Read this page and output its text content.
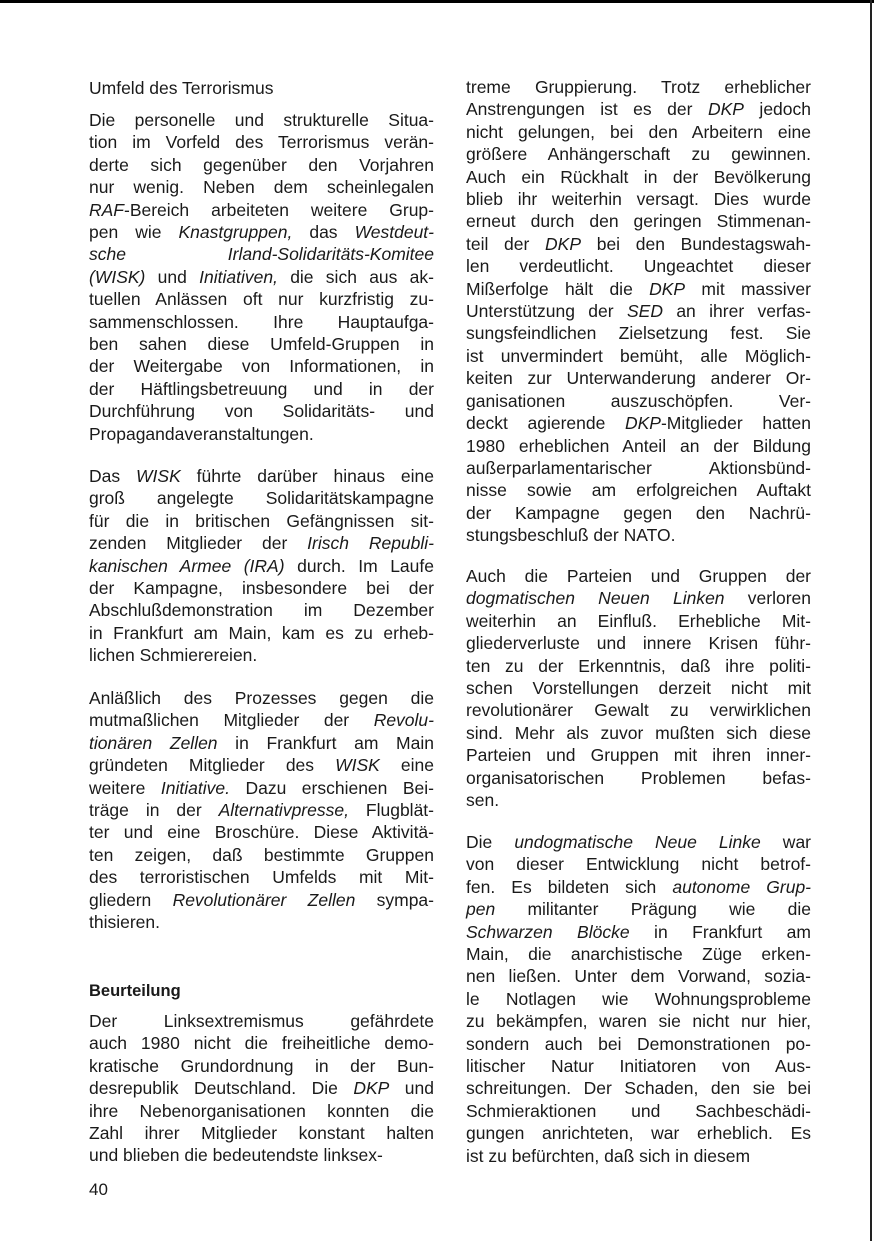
Umfeld des Terrorismus

Die personelle und strukturelle Situa-
tion im Vorfeld des Terrorismus verän-
derte sich gegenüber den Vorjahren
nur wenig. Neben dem scheinlegalen
RAF-Bereich arbeiteten weitere Grup-
pen wie Knastgruppen, das Westdeut-
sche Irland-Solidaritäts-Komitee
(WISK) und Initiativen, die sich aus ak-
tuellen Anlässen oft nur kurzfristig zu-
sammenschlossen. Ihre Hauptaufga-
ben sahen diese Umfeld-Gruppen in
der Weitergabe von Informationen, in
der Häftlingsbetreuung und in der
Durchführung von Solidaritäts- und
Propagandaveranstaltungen.

Das WISK führte darüber hinaus eine
groß angelegte Solidaritätskampagne
für die in britischen Gefängnissen sit-
zenden Mitglieder der Irisch Republi-
kanischen Armee (IRA) durch. Im Laufe
der Kampagne, insbesondere bei der
Abschlußdemonstration im Dezember
in Frankfurt am Main, kam es zu erheb-
lichen Schmierereien.

Anläßlich des Prozesses gegen die
mutmaßlichen Mitglieder der Revolu-
tionären Zellen in Frankfurt am Main
gründeten Mitglieder des WISK eine
weitere Initiative. Dazu erschienen Bei-
träge in der Alternativpresse, Flugblät-
ter und eine Broschüre. Diese Aktivitä-
ten zeigen, daß bestimmte Gruppen
des terroristischen Umfelds mit Mit-
gliedern Revolutionärer Zellen sympa-
thisieren.

Der Linksextremismus gefährdete
auch 1980 nicht die freiheitliche demo-
kratische Grundordnung in der Bun-
desrepublik Deutschland. Die DKP und
ihre Nebenorganisationen konnten die
Zahl ihrer Mitglieder konstant halten
und blieben die bedeutendste linksex-

Beurteilung

treme Gruppierung. Trotz erheblicher
Anstrengungen ist es der DKP jedoch
nicht gelungen, bei den Arbeitern eine
größere Anhängerschaft zu gewinnen.
Auch ein Rückhalt in der Bevölkerung
blieb ihr weiterhin versagt. Dies wurde
erneut durch den geringen Stimmenan-
teil der DKP bei den Bundestagswah-
len verdeutlicht. Ungeachtet dieser
Mißerfolge hält die DKP mit massiver
Unterstützung der SED an ihrer verfas-
sungsfeindlichen Zielsetzung fest. Sie
ist unvermindert bemüht, alle Möglich-
keiten zur Unterwanderung anderer Or-
ganisationen auszuschöpfen. Ver-
deckt agierende DKP-Mitglieder hatten
1980 erheblichen Anteil an der Bildung
außerparlamentarischer Aktionsbünd-
nisse sowie am erfolgreichen Auftakt
der Kampagne gegen den Nachrü-
stungsbeschluß der NATO.

Auch die Parteien und Gruppen der
dogmatischen Neuen Linken verloren
weiterhin an Einfluß. Erhebliche Mit-
gliederverluste und innere Krisen führ-
ten zu der Erkenntnis, daß ihre politi-
schen Vorstellungen derzeit nicht mit
revolutionärer Gewalt zu verwirklichen
sind. Mehr als zuvor mußten sich diese
Parteien und Gruppen mit ihren inner-
organisatorischen Problemen befas-
sen.

Die undogmatische Neue Linke war
von dieser Entwicklung nicht betrof-
fen. Es bildeten sich autonome Grup-
pen militanter Prägung wie die
Schwarzen Blöcke in Frankfurt am
Main, die anarchistische Züge erken-
nen ließen. Unter dem Vorwand, sozia-
le Notlagen wie Wohnungsprobleme
zu bekämpfen, waren sie nicht nur hier,
sondern auch bei Demonstrationen po-
litischer Natur Initiatoren von Aus-
schreitungen. Der Schaden, den sie bei
Schmieraktionen und Sachbeschädi-
gungen anrichteten, war erheblich. Es
ist zu befürchten, daß sich in diesem

40
